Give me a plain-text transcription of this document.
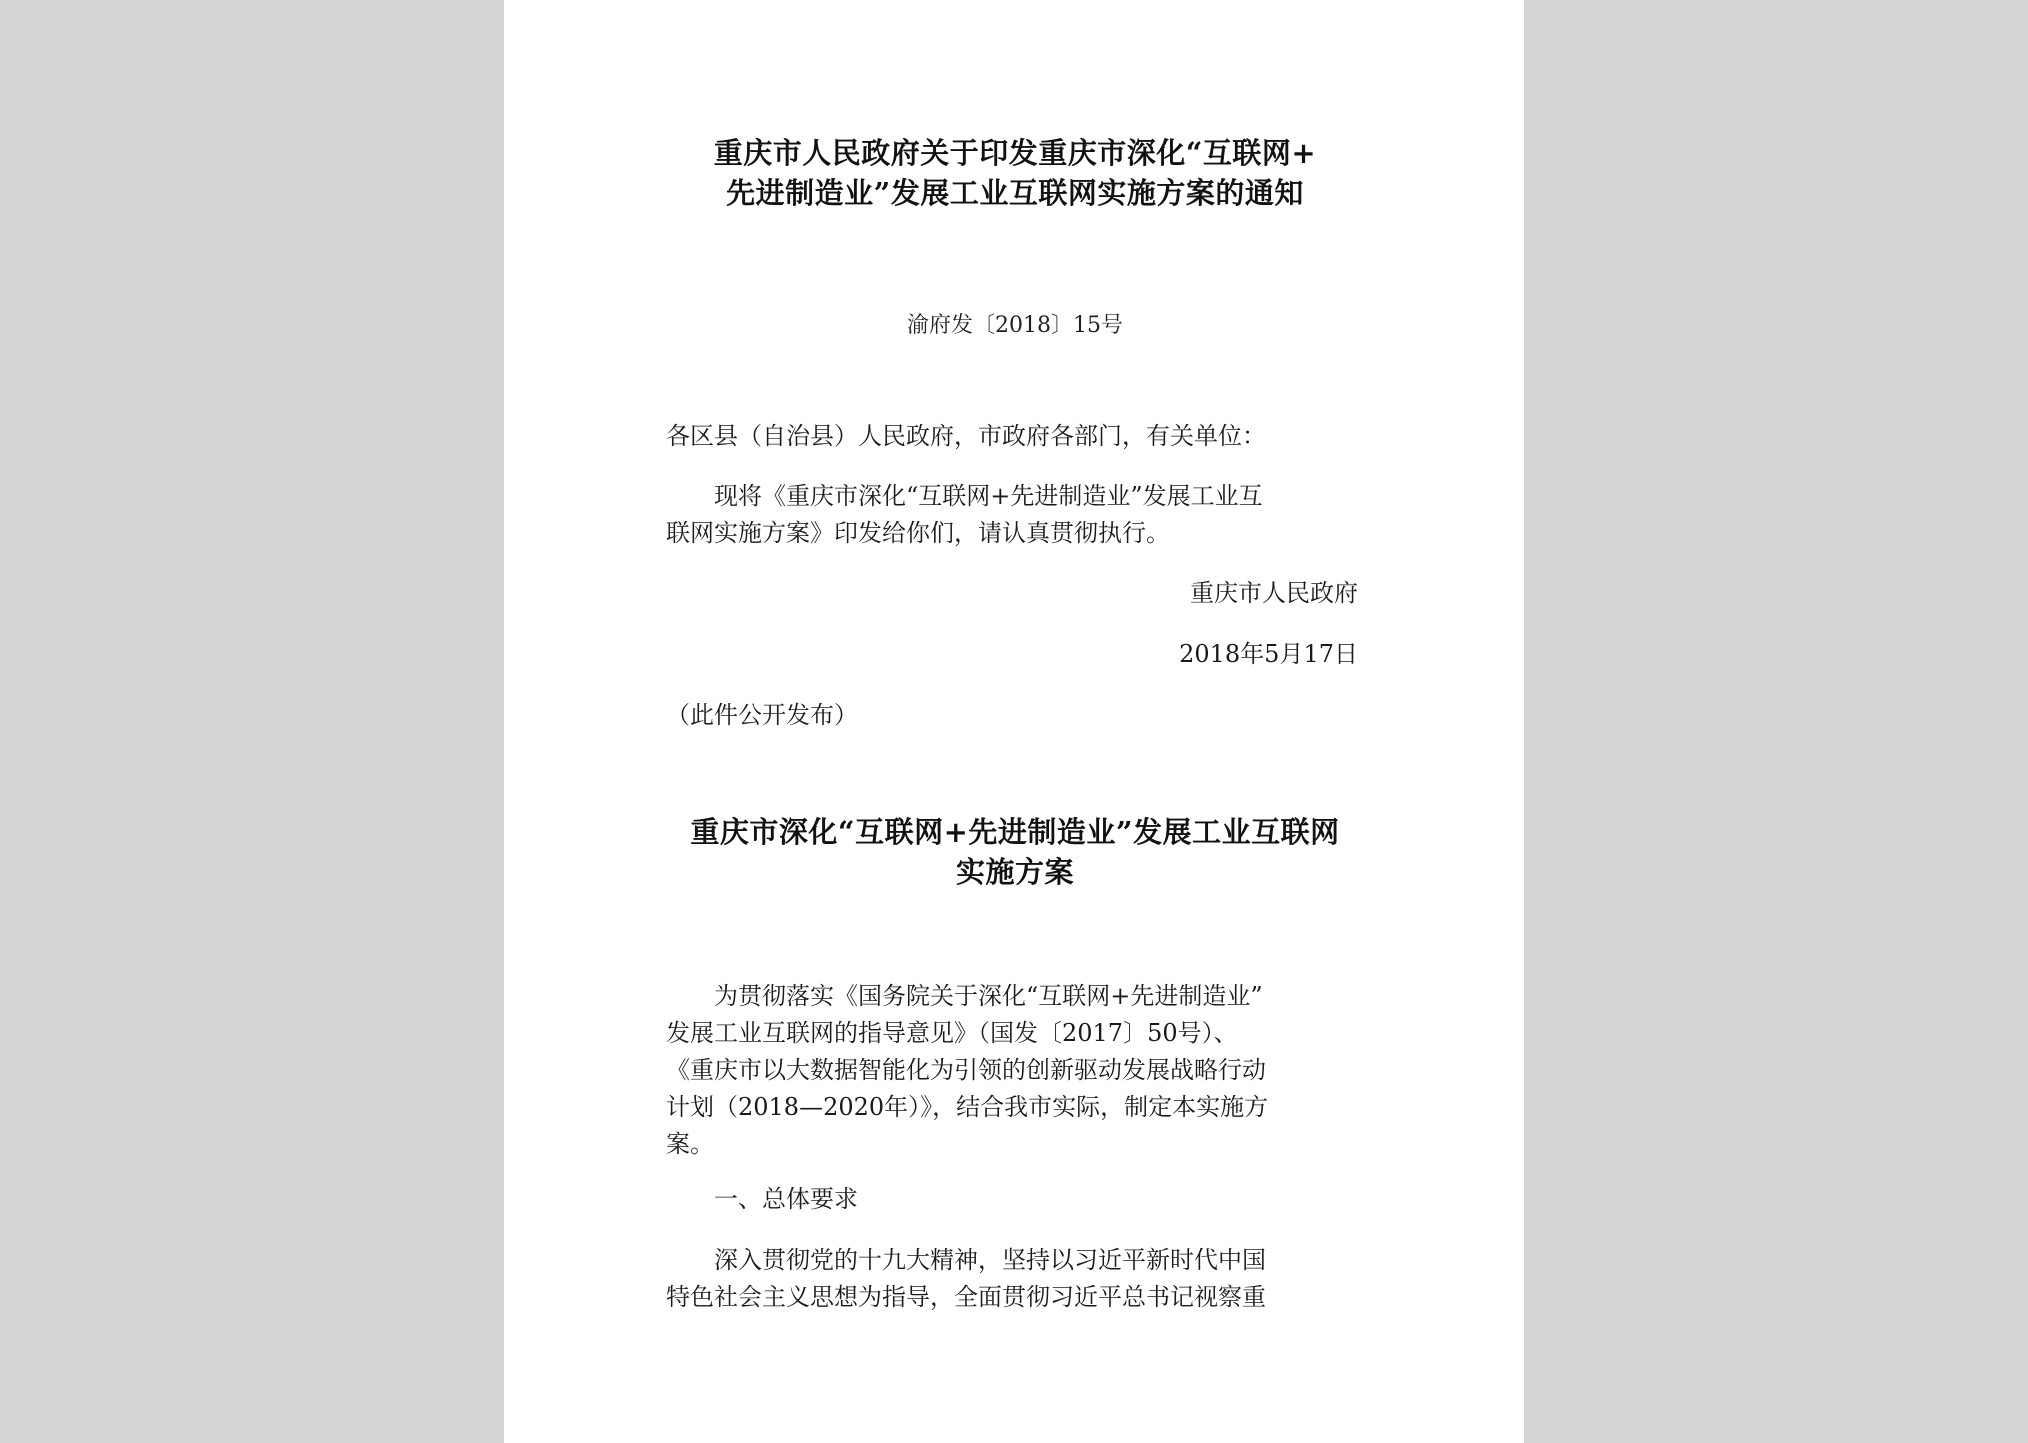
重庆市人民政府关于印发重庆市深化“互联网+
先进制造业”发展工业互联网实施方案的通知

渝府发〔2018〕15号

各区县（自治县）人民政府，市政府各部门，有关单位：

现将《重庆市深化“互联网+先进制造业”发展工业互
联网实施方案》印发给你们，请认真贯彻执行。

重庆市人民政府

2018年5月17日

（此件公开发布）

重庆市深化“互联网+先进制造业”发展工业互联网
实施方案

为贯彻落实《国务院关于深化“互联网+先进制造业”
发展工业互联网的指导意见》（国发〔2017〕50号）、
《重庆市以大数据智能化为引领的创新驱动发展战略行动
计划（2018—2020年）》，结合我市实际，制定本实施方
案。

一、总体要求

深入贯彻党的十九大精神，坚持以习近平新时代中国
特色社会主义思想为指导，全面贯彻习近平总书记视察重
